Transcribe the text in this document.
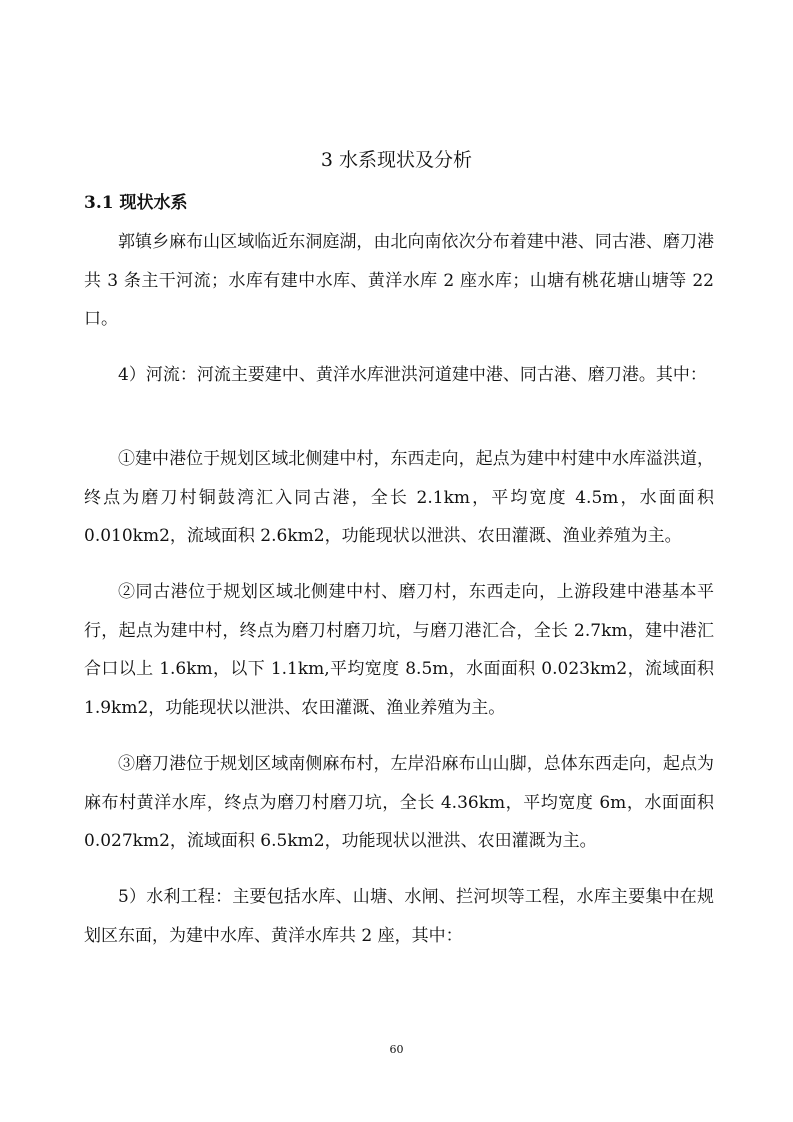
3 水系现状及分析
3.1 现状水系

郭镇乡麻布山区域临近东洞庭湖，由北向南依次分布着建中港、同古港、磨刀港共 3 条主干河流；水库有建中水库、黄洋水库 2 座水库；山塘有桃花塘山塘等 22 口。

4）河流：河流主要建中、黄洋水库泄洪河道建中港、同古港、磨刀港。其中：

①建中港位于规划区域北侧建中村，东西走向，起点为建中村建中水库溢洪道，终点为磨刀村铜鼓湾汇入同古港，全长 2.1km，平均宽度 4.5m，水面面积 0.010km2，流域面积 2.6km2，功能现状以泄洪、农田灌溉、渔业养殖为主。

②同古港位于规划区域北侧建中村、磨刀村，东西走向，上游段建中港基本平行，起点为建中村，终点为磨刀村磨刀坑，与磨刀港汇合，全长 2.7km，建中港汇合口以上 1.6km，以下 1.1km,平均宽度 8.5m，水面面积 0.023km2，流域面积 1.9km2，功能现状以泄洪、农田灌溉、渔业养殖为主。

③磨刀港位于规划区域南侧麻布村，左岸沿麻布山山脚，总体东西走向，起点为麻布村黄洋水库，终点为磨刀村磨刀坑，全长 4.36km，平均宽度 6m，水面面积 0.027km2，流域面积 6.5km2，功能现状以泄洪、农田灌溉为主。

5）水利工程：主要包括水库、山塘、水闸、拦河坝等工程，水库主要集中在规划区东面，为建中水库、黄洋水库共 2 座，其中：

60
